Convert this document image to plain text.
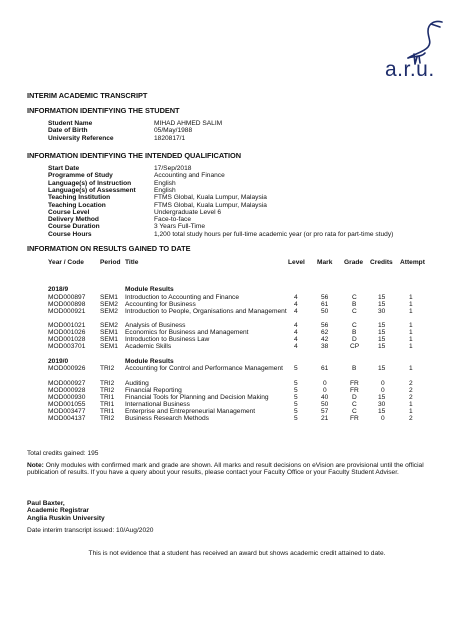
a.r.u.
INTERIM ACADEMIC TRANSCRIPT
INFORMATION IDENTIFYING THE STUDENT
Student Name	MIHAD AHMED SALIM
Date of Birth	05/May/1988
University Reference	1820817/1
INFORMATION IDENTIFYING THE INTENDED QUALIFICATION
Start Date	17/Sep/2018
Programme of Study	Accounting and Finance
Language(s) of Instruction	English
Language(s) of Assessment	English
Teaching Institution	FTMS Global, Kuala Lumpur, Malaysia
Teaching Location	FTMS Global, Kuala Lumpur, Malaysia
Course Level	Undergraduate Level 6
Delivery Method	Face-to-face
Course Duration	3 Years Full-Time
Course Hours	1,200 total study hours per full-time academic year (or pro rata for part-time study)
INFORMATION ON RESULTS GAINED TO DATE
Year / Code Period Title	Level Mark Grade Credits Attempt
2018/9	Module Results
MOD000897 SEM1 Introduction to Accounting and Finance	4	56	C	15	1
MOD000898 SEM2 Accounting for Business	4	61	B	15	1
MOD000921 SEM2 Introduction to People, Organisations and Management	4	50	C	30	1
MOD001021 SEM2 Analysis of Business	4	56	C	15	1
MOD001026 SEM1 Economics for Business and Management	4	62	B	15	1
MOD001028 SEM1 Introduction to Business Law	4	42	D	15	1
MOD003701 SEM1 Academic Skills	4	38	CP	15	1
2019/0	Module Results
MOD000926 TRI2 Accounting for Control and Performance Management	5	61	B	15	1
MOD000927 TRI2 Auditing	5	0	FR	0	2
MOD000928 TRI2 Financial Reporting	5	0	FR	0	2
MOD000930 TRI1 Financial Tools for Planning and Decision Making	5	40	D	15	2
MOD001055 TRI1 International Business	5	50	C	30	1
MOD003477 TRI1 Enterprise and Entrepreneurial Management	5	57	C	15	1
MOD004137 TRI2 Business Research Methods	5	21	FR	0	2
Total credits gained: 195
Note: Only modules with confirmed mark and grade are shown. All marks and result decisions on eVision are provisional until the official publication of results. If you have a query about your results, please contact your Faculty Office or your Faculty Student Adviser.
Paul Baxter,
Academic Registrar
Anglia Ruskin University
Date interim transcript issued: 10/Aug/2020
This is not evidence that a student has received an award but shows academic credit attained to date.
